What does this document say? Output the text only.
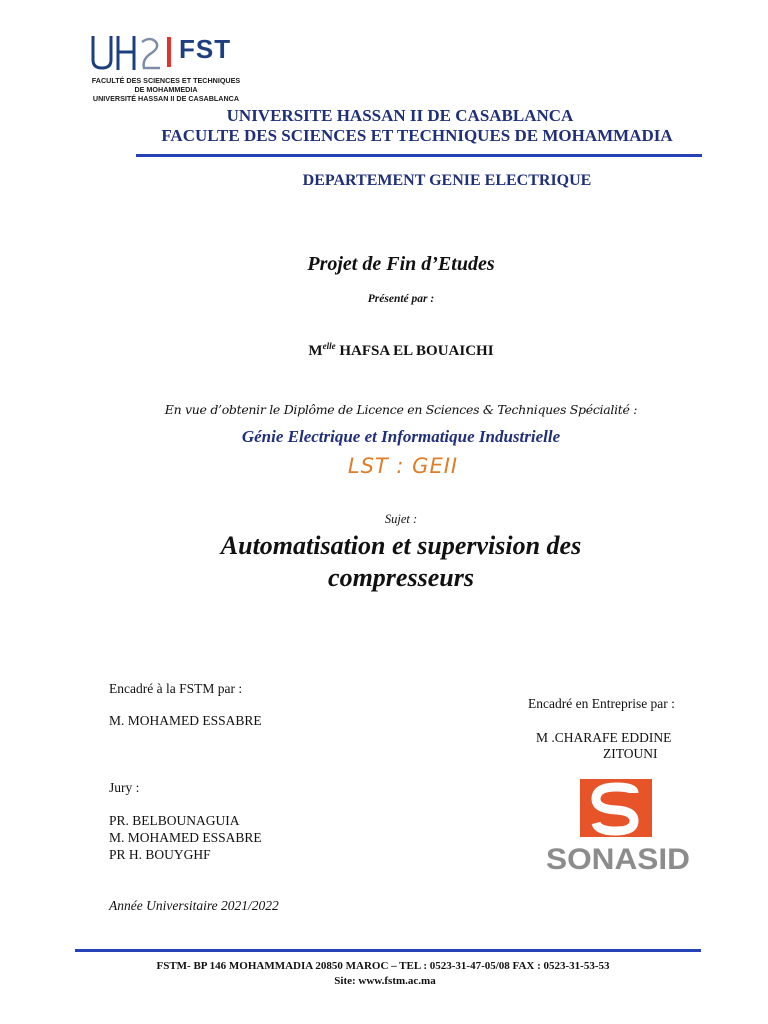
FST
FACULTÉ DES SCIENCES ET TECHNIQUES
DE MOHAMMEDIA
UNIVERSITÉ HASSAN II DE CASABLANCA
UNIVERSITE HASSAN II DE CASABLANCA
FACULTE DES SCIENCES ET TECHNIQUES DE MOHAMMADIA
DEPARTEMENT GENIE ELECTRIQUE
Projet de Fin d’Etudes
Présenté par :
$M^{elle}$ HAFSA EL BOUAICHI
En vue d’obtenir le Diplôme de Licence en Sciences & Techniques Spécialité :
Génie Electrique et Informatique Industrielle
LST : GEII
Sujet :
Automatisation et supervision des
compresseurs
Encadré à la FSTM par :
M. MOHAMED ESSABRE
Encadré en Entreprise par :
M .CHARAFE EDDINE
ZITOUNI
Jury :
PR. BELBOUNAGUIA
M. MOHAMED ESSABRE
PR H. BOUYGHF
Année Universitaire 2021/2022
SONASID
FSTM- BP 146 MOHAMMADIA 20850 MAROC – TEL : 0523-31-47-05/08 FAX : 0523-31-53-53
Site: www.fstm.ac.ma
